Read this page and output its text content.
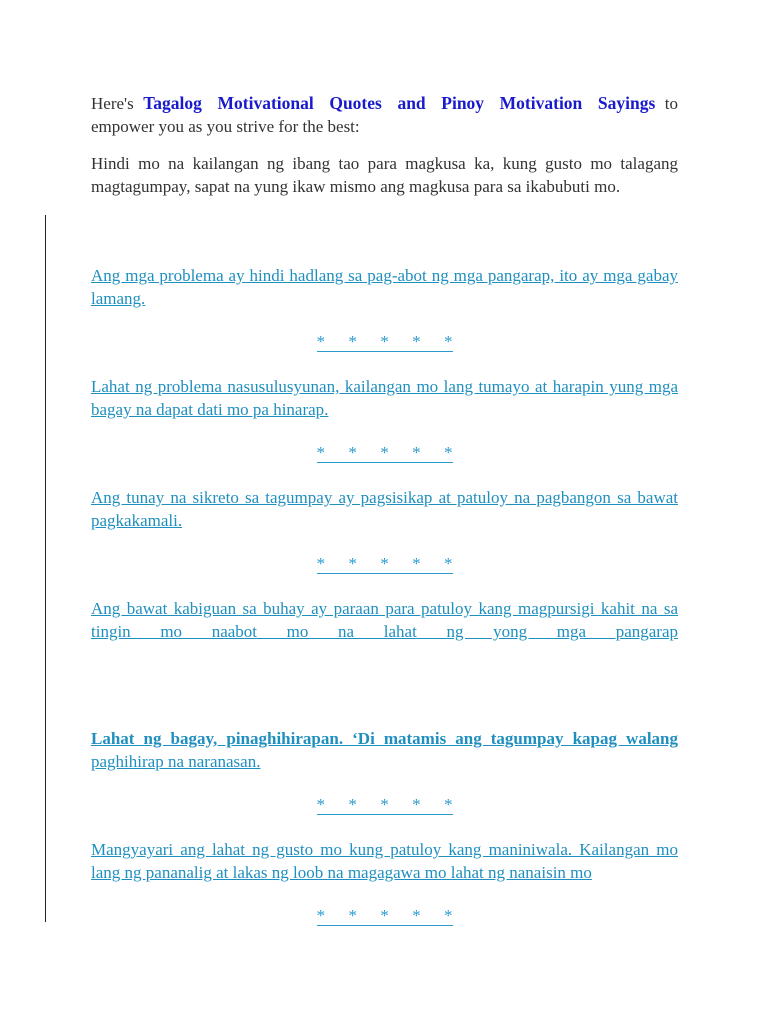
Here's Tagalog Motivational Quotes and Pinoy Motivation Sayings to empower you as you strive for the best:

Hindi mo na kailangan ng ibang tao para magkusa ka, kung gusto mo talagang magtagumpay, sapat na yung ikaw mismo ang magkusa para sa ikabubuti mo.

Ang mga problema ay hindi hadlang sa pag-abot ng mga pangarap, ito ay mga gabay lamang.

* * * * *

Lahat ng problema nasusulusyunan, kailangan mo lang tumayo at harapin yung mga bagay na dapat dati mo pa hinarap.

* * * * *

Ang tunay na sikreto sa tagumpay ay pagsisikap at patuloy na pagbangon sa bawat pagkakamali.

* * * * *

Ang bawat kabiguan sa buhay ay paraan para patuloy kang magpursigi kahit na sa tingin mo naabot mo na lahat ng yong mga pangarap

Lahat ng bagay, pinaghihirapan. ‘Di matamis ang tagumpay kapag walang paghihirap na naranasan.

* * * * *

Mangyayari ang lahat ng gusto mo kung patuloy kang maniniwala. Kailangan mo lang ng pananalig at lakas ng loob na magagawa mo lahat ng nanaisin mo

* * * * *
